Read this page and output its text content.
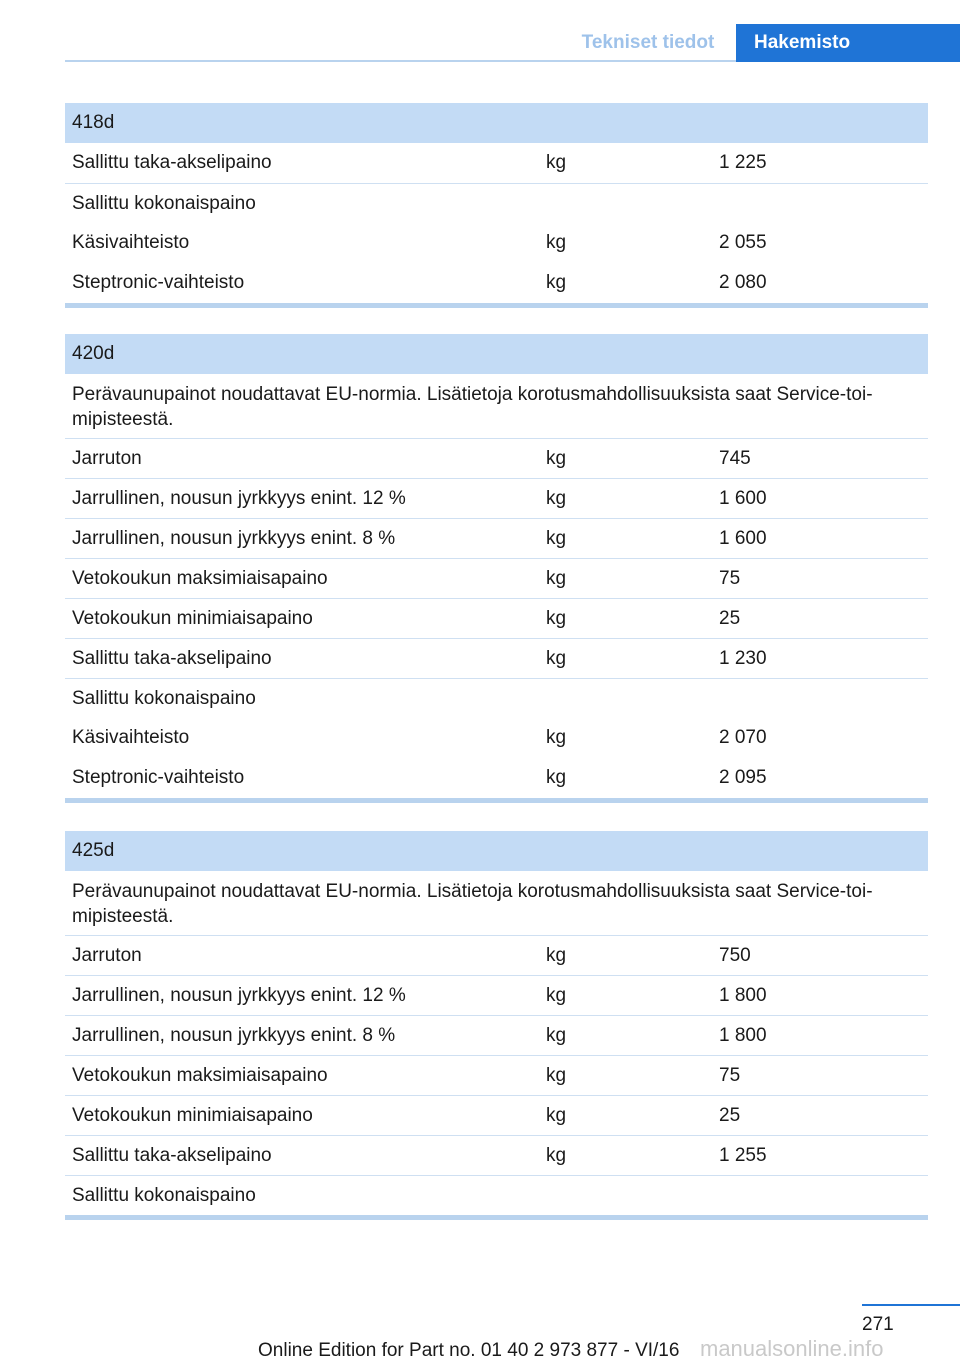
Tekniset tiedot	Hakemisto
418d
Sallittu taka-akselipaino	kg	1 225
Sallittu kokonaispaino
Käsivaihteisto	kg	2 055
Steptronic-vaihteisto	kg	2 080
420d
Perävaunupainot noudattavat EU-normia. Lisätietoja korotusmahdollisuuksista saat Service-toimipisteestä.
Jarruton	kg	745
Jarrullinen, nousun jyrkkyys enint. 12 %	kg	1 600
Jarrullinen, nousun jyrkkyys enint. 8 %	kg	1 600
Vetokoukun maksimiaisapaino	kg	75
Vetokoukun minimiaisapaino	kg	25
Sallittu taka-akselipaino	kg	1 230
Sallittu kokonaispaino
Käsivaihteisto	kg	2 070
Steptronic-vaihteisto	kg	2 095
425d
Perävaunupainot noudattavat EU-normia. Lisätietoja korotusmahdollisuuksista saat Service-toimipisteestä.
Jarruton	kg	750
Jarrullinen, nousun jyrkkyys enint. 12 %	kg	1 800
Jarrullinen, nousun jyrkkyys enint. 8 %	kg	1 800
Vetokoukun maksimiaisapaino	kg	75
Vetokoukun minimiaisapaino	kg	25
Sallittu taka-akselipaino	kg	1 255
Sallittu kokonaispaino
271
Online Edition for Part no. 01 40 2 973 877 - VI/16 manualsonline.info
